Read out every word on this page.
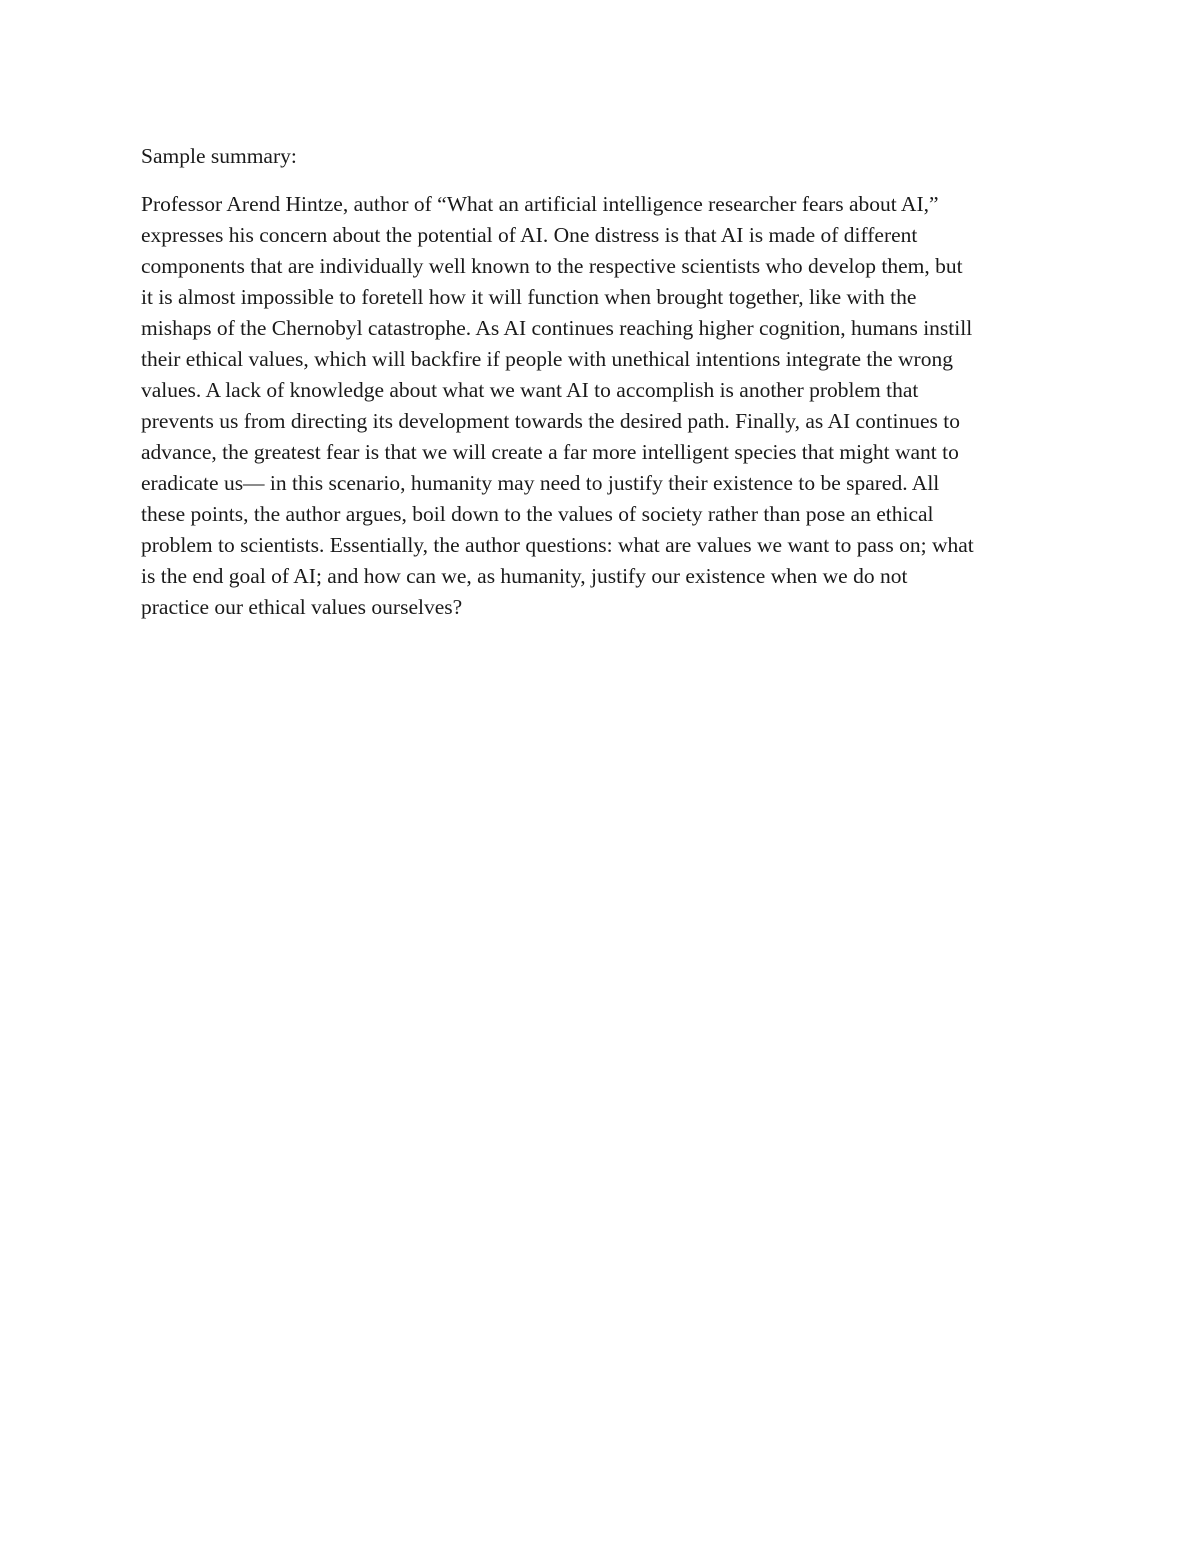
Sample summary:

Professor Arend Hintze, author of “What an artificial intelligence researcher fears about AI,”
expresses his concern about the potential of AI. One distress is that AI is made of different
components that are individually well known to the respective scientists who develop them, but
it is almost impossible to foretell how it will function when brought together, like with the
mishaps of the Chernobyl catastrophe. As AI continues reaching higher cognition, humans instill
their ethical values, which will backfire if people with unethical intentions integrate the wrong
values. A lack of knowledge about what we want AI to accomplish is another problem that
prevents us from directing its development towards the desired path. Finally, as AI continues to
advance, the greatest fear is that we will create a far more intelligent species that might want to
eradicate us— in this scenario, humanity may need to justify their existence to be spared. All
these points, the author argues, boil down to the values of society rather than pose an ethical
problem to scientists. Essentially, the author questions: what are values we want to pass on; what
is the end goal of AI; and how can we, as humanity, justify our existence when we do not
practice our ethical values ourselves?
